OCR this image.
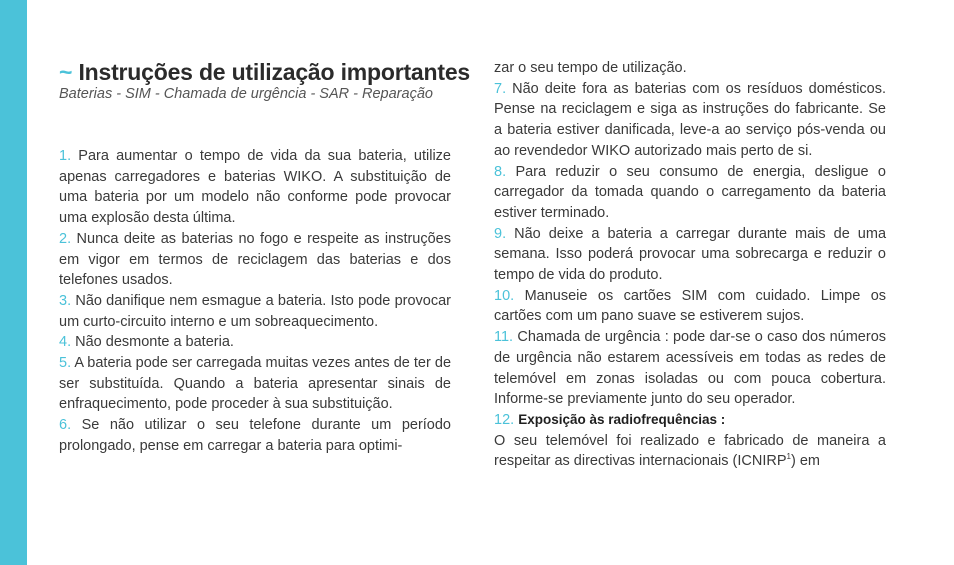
~ Instruções de utilização importantes
Baterias - SIM - Chamada de urgência - SAR - Reparação

1. Para aumentar o tempo de vida da sua bateria, utilize apenas carregadores e baterias WIKO. A substituição de uma bateria por um modelo não conforme pode provocar uma explosão desta última.

2. Nunca deite as baterias no fogo e respeite as instruções em vigor em termos de reciclagem das baterias e dos telefones usados.

3. Não danifique nem esmague a bateria. Isto pode provocar um curto-circuito interno e um sobreaquecimento.

4. Não desmonte a bateria.

5. A bateria pode ser carregada muitas vezes antes de ter de ser substituída. Quando a bateria apresentar sinais de enfraquecimento, pode proceder à sua substituição.

6. Se não utilizar o seu telefone durante um período prolongado, pense em carregar a bateria para optimi-

zar o seu tempo de utilização.

7. Não deite fora as baterias com os resíduos domésticos. Pense na reciclagem e siga as instruções do fabricante. Se a bateria estiver danificada, leve-a ao serviço pós-venda ou ao revendedor WIKO autorizado mais perto de si.

8. Para reduzir o seu consumo de energia, desligue o carregador da tomada quando o carregamento da bateria estiver terminado.

9. Não deixe a bateria a carregar durante mais de uma semana. Isso poderá provocar uma sobrecarga e reduzir o tempo de vida do produto.

10. Manuseie os cartões SIM com cuidado. Limpe os cartões com um pano suave se estiverem sujos.

11. Chamada de urgência : pode dar-se o caso dos números de urgência não estarem acessíveis em todas as redes de telemóvel em zonas isoladas ou com pouca cobertura. Informe-se previamente junto do seu operador.

12. Exposição às radiofrequências :

O seu telemóvel foi realizado e fabricado de maneira a respeitar as directivas internacionais (ICNIRP$^1$) em
